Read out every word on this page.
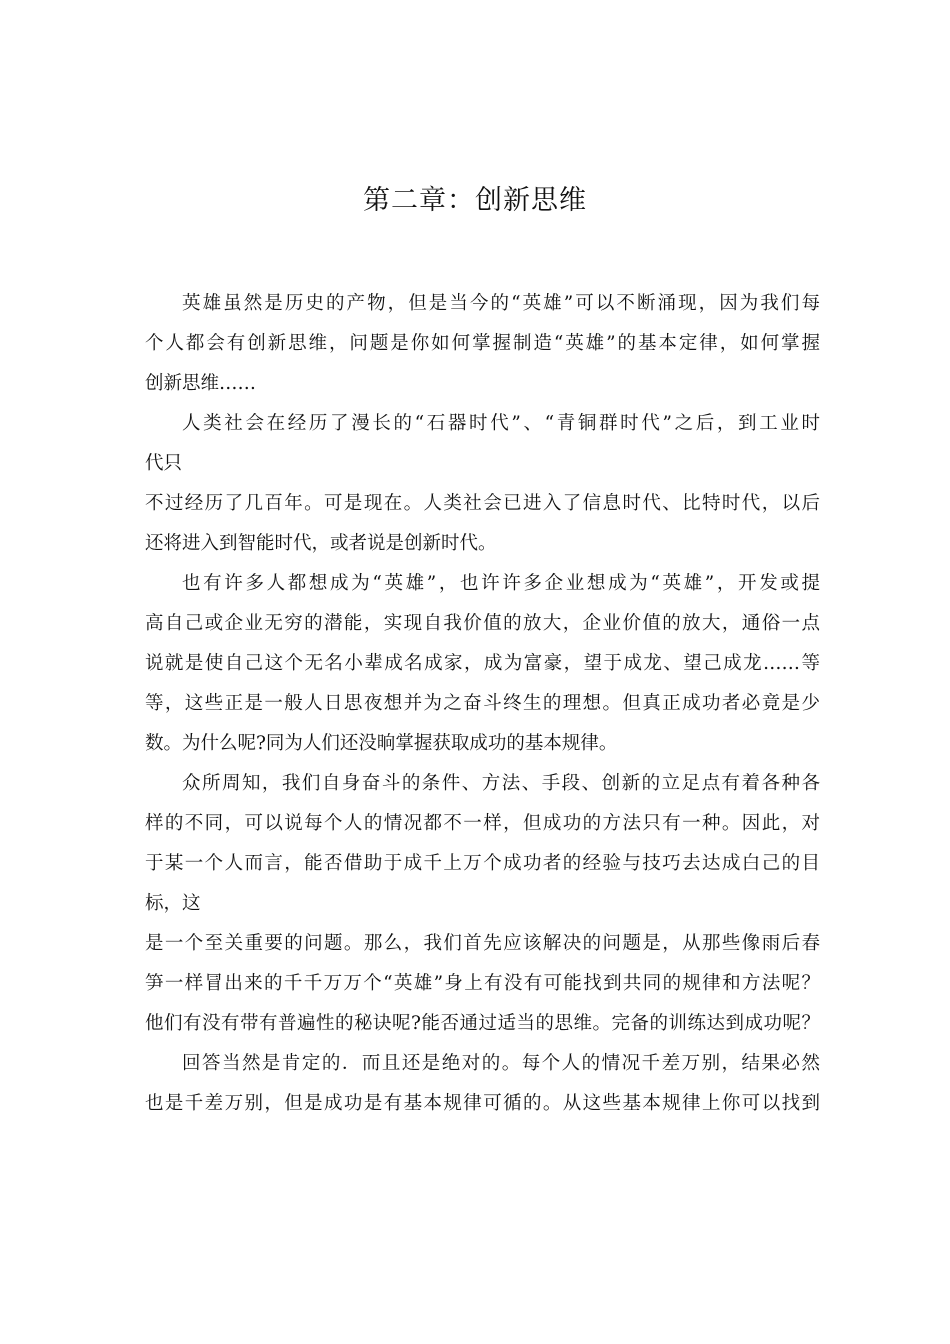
第二章：创新思维
英雄虽然是历史的产物，但是当今的“英雄”可以不断涌现，因为我们每
个人都会有创新思维，问题是你如何掌握制造“英雄”的基本定律，如何掌握
创新思维……
人类社会在经历了漫长的“石器时代”、“青铜群时代”之后，到工业时
代只
不过经历了几百年。可是现在。人类社会已进入了信息时代、比特时代，以后
还将进入到智能时代，或者说是创新时代。
也有许多人都想成为“英雄”，也许许多企业想成为“英雄”，开发或提
高自己或企业无穷的潜能，实现自我价值的放大，企业价值的放大，通俗一点
说就是使自己这个无名小辈成名成家，成为富豪，望于成龙、望己成龙……等
等，这些正是一般人日思夜想并为之奋斗终生的理想。但真正成功者必竟是少
数。为什么呢?同为人们还没晌掌握获取成功的基本规律。
众所周知，我们自身奋斗的条件、方法、手段、创新的立足点有着各种各
样的不同，可以说每个人的情况都不一样，但成功的方法只有一种。因此，对
于某一个人而言，能否借助于成千上万个成功者的经验与技巧去达成白己的目
标，这
是一个至关重要的问题。那么，我们首先应该解决的问题是，从那些像雨后春
笋一样冒出来的千千万万个“英雄”身上有没有可能找到共同的规律和方法呢？
他们有没有带有普遍性的秘诀呢?能否通过适当的思维。完备的训练达到成功呢？
回答当然是肯定的．而且还是绝对的。每个人的情况千差万别，结果必然
也是千差万别，但是成功是有基本规律可循的。从这些基本规律上你可以找到
